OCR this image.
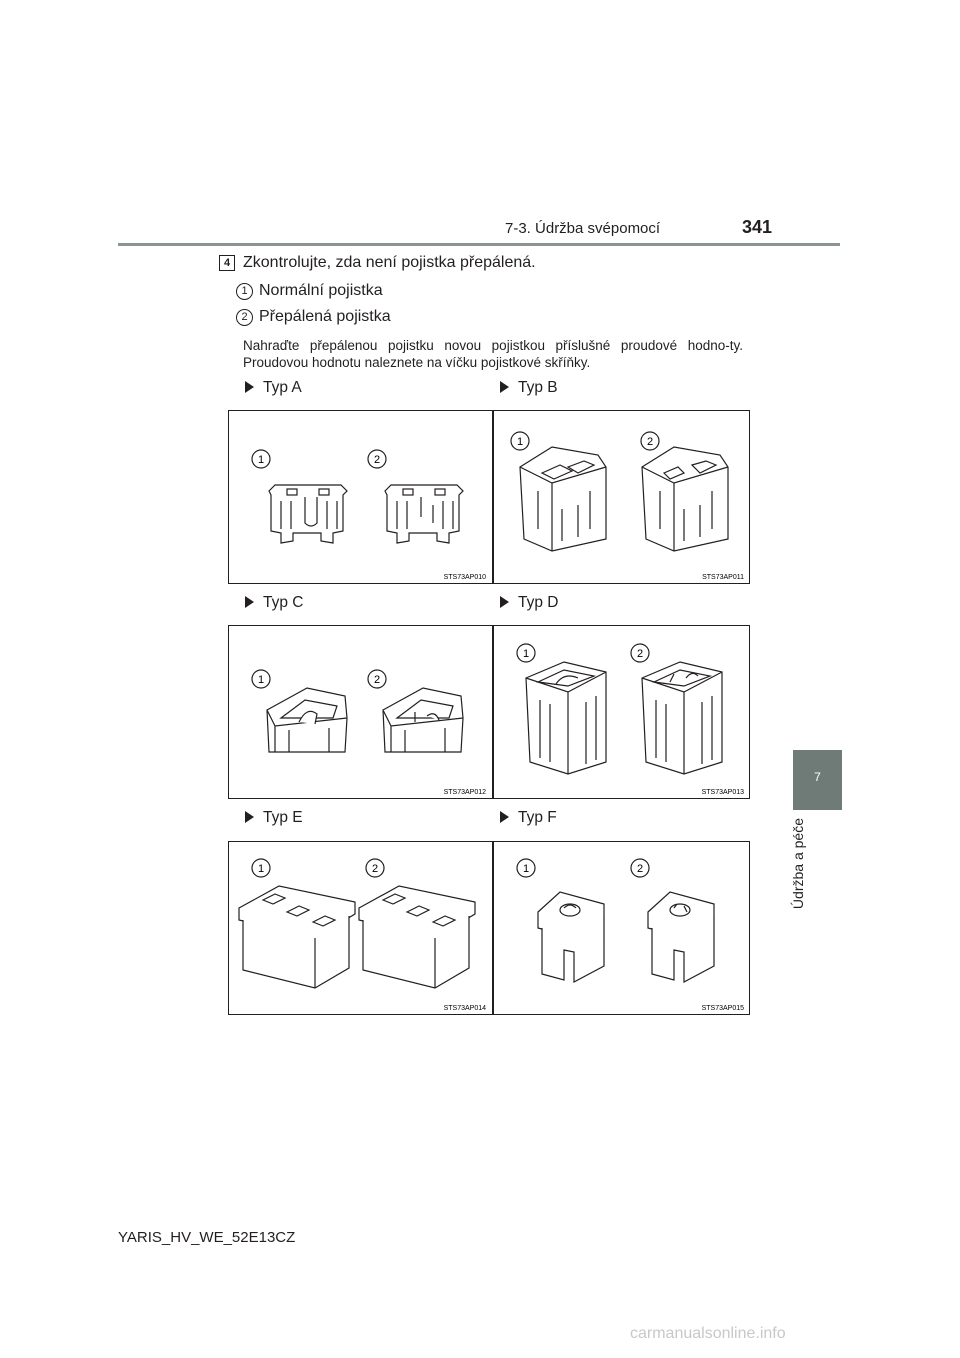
7-3. Údržba svépomocí	341
7
Údržba a péče
4 Zkontrolujte, zda není pojistka přepálená.
1 Normální pojistka
2 Přepálená pojistka
Nahraďte přepálenou pojistku novou pojistkou příslušné proudové hodno-ty. Proudovou hodnotu naleznete na víčku pojistkové skříňky.
Typ A	Typ B
Typ C	Typ D
Typ E	Typ F
1	2
STS73AP010
1	2
STS73AP011
1	2
STS73AP012
1	2
STS73AP013
1	2
STS73AP014
1	2
STS73AP015
YARIS_HV_WE_52E13CZ
carmanualsonline.info
